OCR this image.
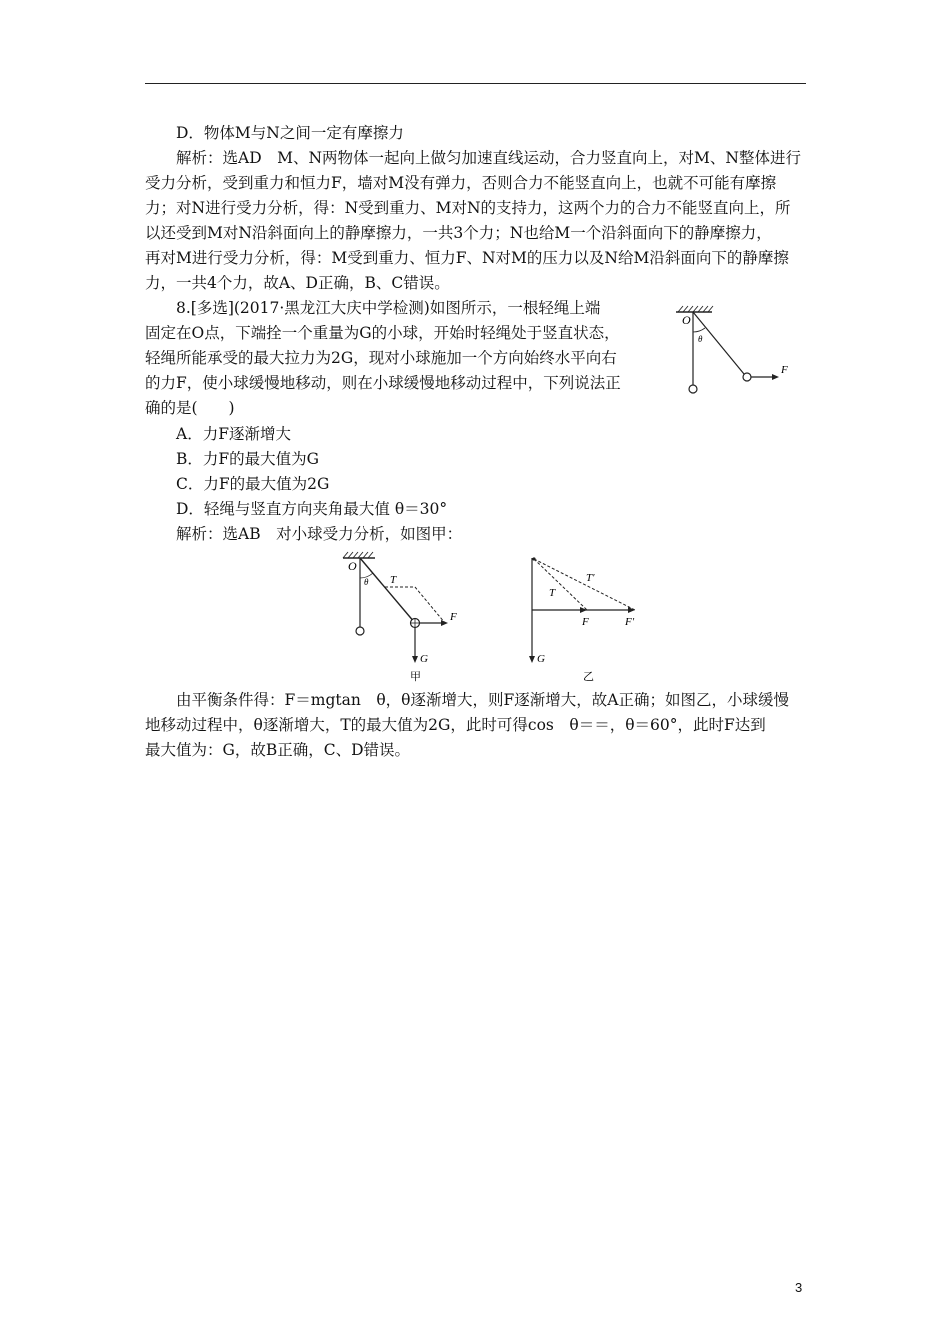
D．物体M与N之间一定有摩擦力
解析：选AD　M、N两物体一起向上做匀加速直线运动，合力竖直向上，对M、N整体进行
受力分析，受到重力和恒力F，墙对M没有弹力，否则合力不能竖直向上，也就不可能有摩擦
力；对N进行受力分析，得：N受到重力、M对N的支持力，这两个力的合力不能竖直向上，所
以还受到M对N沿斜面向上的静摩擦力，一共3个力；N也给M一个沿斜面向下的静摩擦力，
再对M进行受力分析，得：M受到重力、恒力F、N对M的压力以及N给M沿斜面向下的静摩擦
力，一共4个力，故A、D正确，B、C错误。
8.[多选](2017·黑龙江大庆中学检测)如图所示，一根轻绳上端
固定在O点，下端拴一个重量为G的小球，开始时轻绳处于竖直状态，
轻绳所能承受的最大拉力为2G，现对小球施加一个方向始终水平向右
的力F，使小球缓慢地移动，则在小球缓慢地移动过程中，下列说法正
确的是(　　)
A．力F逐渐增大
B．力F的最大值为G
C．力F的最大值为2G
D．轻绳与竖直方向夹角最大值 θ＝30°
解析：选AB　对小球受力分析，如图甲：
O
θ
F
O
θ T
F
G
甲
T
T′
F	F′
G
乙
由平衡条件得：F＝mgtan　θ，θ逐渐增大，则F逐渐增大，故A正确；如图乙，小球缓慢
地移动过程中，θ逐渐增大，T的最大值为2G，此时可得cos　θ＝＝，θ＝60°，此时F达到
最大值为：G，故B正确，C、D错误。
3
